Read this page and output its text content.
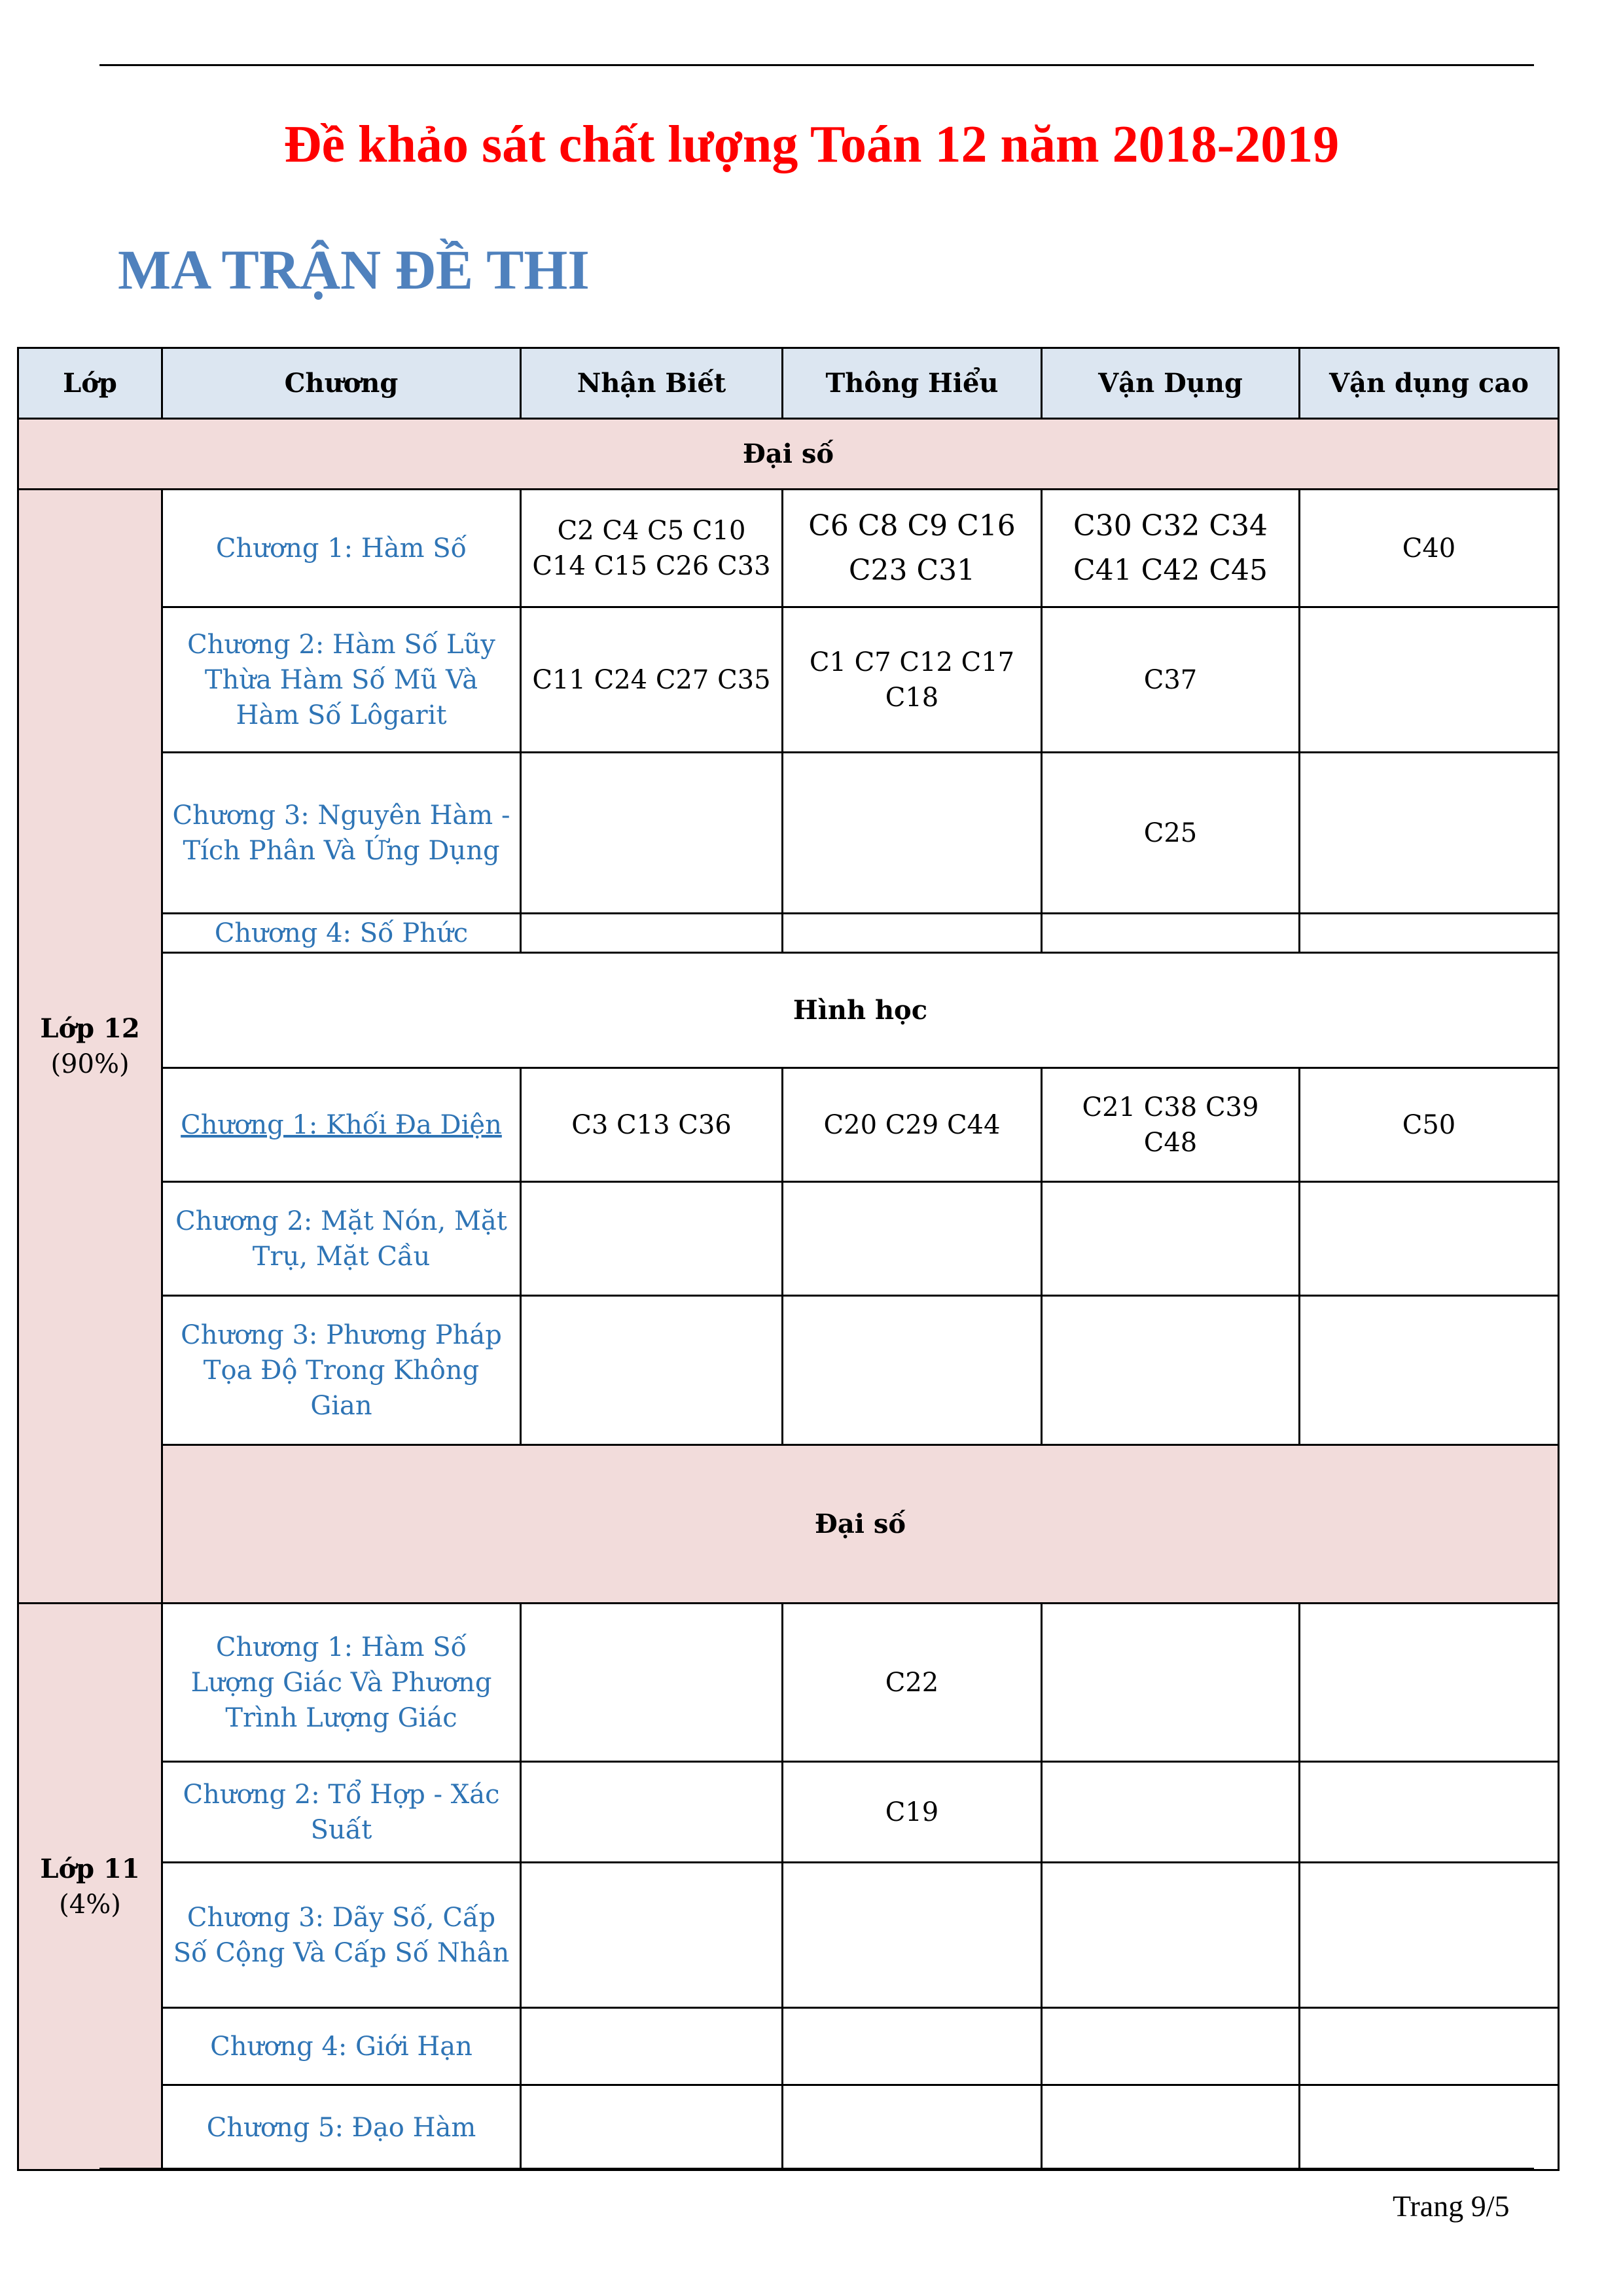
Đề khảo sát chất lượng Toán 12 năm 2018-2019
MA TRẬN ĐỀ THI
Lớp	Chương	Nhận Biết	Thông Hiểu	Vận Dụng	Vận dụng cao
Đại số					

Lớp 12
(90%)	Chương 1: Hàm Số	C2 C4 C5 C10 C14 C15 C26 C33	C6 C8 C9 C16 C23 C31	C30 C32 C34 C41 C42 C45	C40
	Chương 2: Hàm Số Lũy Thừa Hàm Số Mũ Và Hàm Số Lôgarit	C11 C24 C27 C35	C1 C7 C12 C17 C18	C37	
	Chương 3: Nguyên Hàm - Tích Phân Và Ứng Dụng			C25	
	Chương 4: Số Phức				
	Hình học				
	Chương 1: Khối Đa Diện	C3 C13 C36	C20 C29 C44	C21 C38 C39 C48	C50
	Chương 2: Mặt Nón, Mặt Trụ, Mặt Cầu				
	Chương 3: Phương Pháp Tọa Độ Trong Không Gian				
	Đại số				

Lớp 11
(4%)	Chương 1: Hàm Số Lượng Giác Và Phương Trình Lượng Giác		C22		
	Chương 2: Tổ Hợp - Xác Suất		C19		
	Chương 3: Dãy Số, Cấp Số Cộng Và Cấp Số Nhân				
	Chương 4: Giới Hạn				
	Chương 5: Đạo Hàm				
Trang 9/5
